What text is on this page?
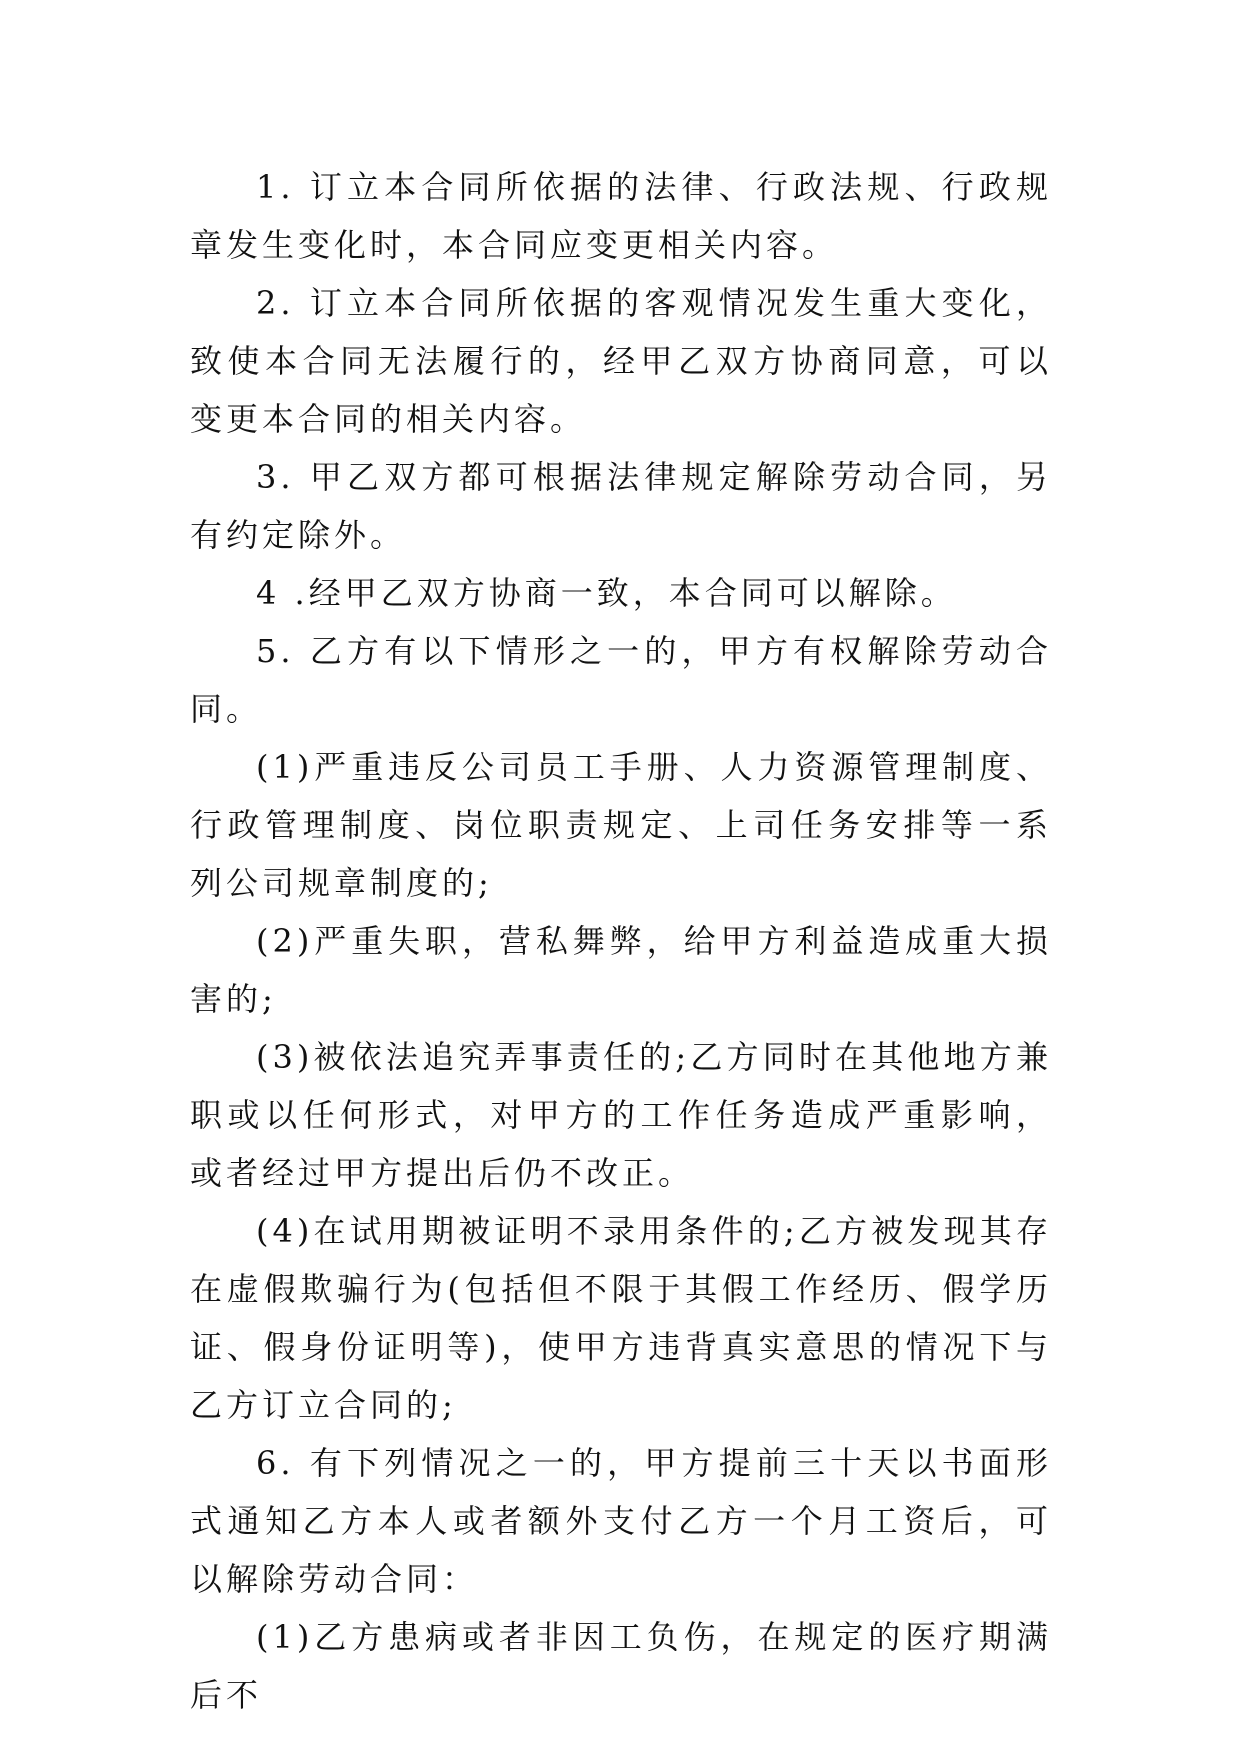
1. 订立本合同所依据的法律、行政法规、行政规章发生变化时，本合同应变更相关内容。

2. 订立本合同所依据的客观情况发生重大变化，致使本合同无法履行的，经甲乙双方协商同意，可以变更本合同的相关内容。

3. 甲乙双方都可根据法律规定解除劳动合同，另有约定除外。

4 .经甲乙双方协商一致，本合同可以解除。

5. 乙方有以下情形之一的，甲方有权解除劳动合同。

(1)严重违反公司员工手册、人力资源管理制度、行政管理制度、岗位职责规定、上司任务安排等一系列公司规章制度的;

(2)严重失职，营私舞弊，给甲方利益造成重大损害的;

(3)被依法追究弄事责任的;乙方同时在其他地方兼职或以任何形式，对甲方的工作任务造成严重影响，或者经过甲方提出后仍不改正。

(4)在试用期被证明不录用条件的;乙方被发现其存在虚假欺骗行为(包括但不限于其假工作经历、假学历证、假身份证明等)，使甲方违背真实意思的情况下与乙方订立合同的;

6. 有下列情况之一的，甲方提前三十天以书面形式通知乙方本人或者额外支付乙方一个月工资后，可以解除劳动合同：

(1)乙方患病或者非因工负伤，在规定的医疗期满后不
